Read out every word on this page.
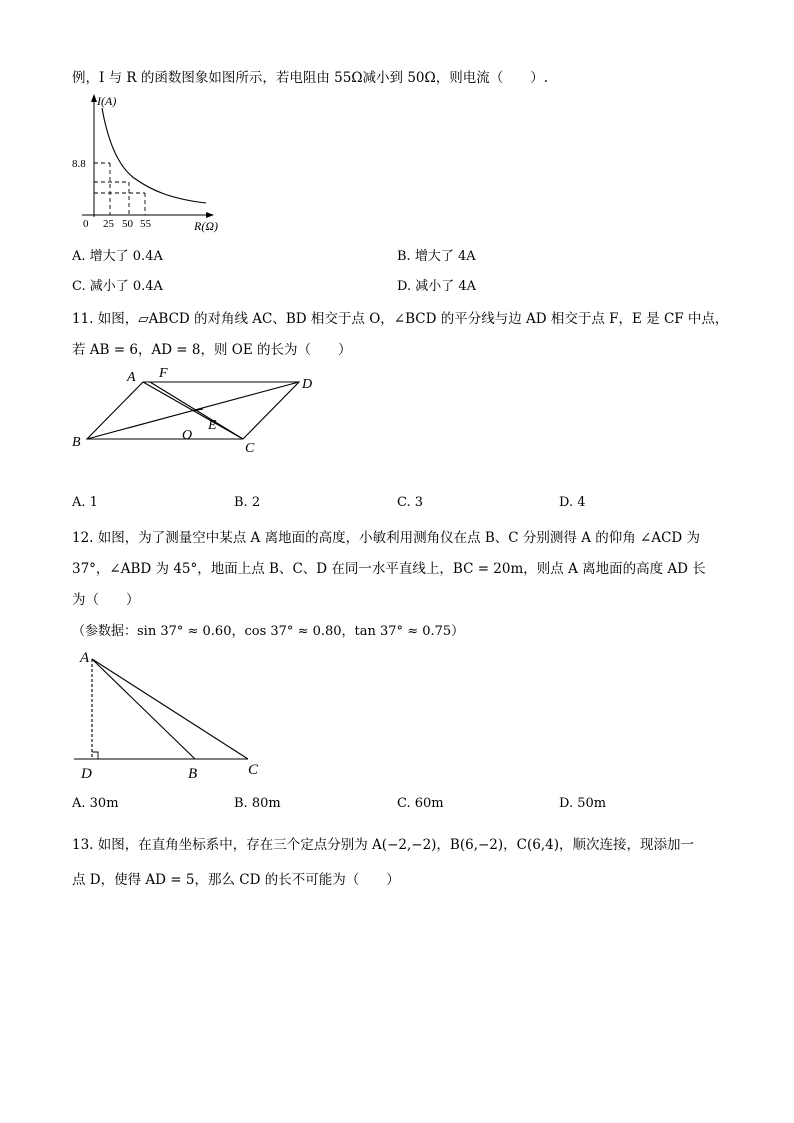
例，I 与 R 的函数图象如图所示，若电阻由 55Ω减小到 50Ω，则电流（　　）.
I(A)
8.8
0 25 50 55	R(Ω)
A. 增大了 0.4A	B. 增大了 4A
C. 减小了 0.4A	D. 减小了 4A
11. 如图，▱ABCD 的对角线 AC、BD 相交于点 O，∠BCD 的平分线与边 AD 相交于点 F，E 是 CF 中点，
若 AB = 6，AD = 8，则 OE 的长为（　　）
A F
D
E
O
B	C
A. 1	B. 2	C. 3	D. 4
12. 如图，为了测量空中某点 A 离地面的高度，小敏利用测角仪在点 B、C 分别测得 A 的仰角 ∠ACD 为
37°，∠ABD 为 45°，地面上点 B、C、D 在同一水平直线上，BC = 20m，则点 A 离地面的高度 AD 长
为（　　）
（参数据：sin 37° ≈ 0.60，cos 37° ≈ 0.80，tan 37° ≈ 0.75）
A
D	B	C
A. 30m	B. 80m	C. 60m	D. 50m
13. 如图，在直角坐标系中，存在三个定点分别为 A(−2,−2)，B(6,−2)，C(6,4)，顺次连接，现添加一
点 D，使得 AD = 5，那么 CD 的长不可能为（　　）
